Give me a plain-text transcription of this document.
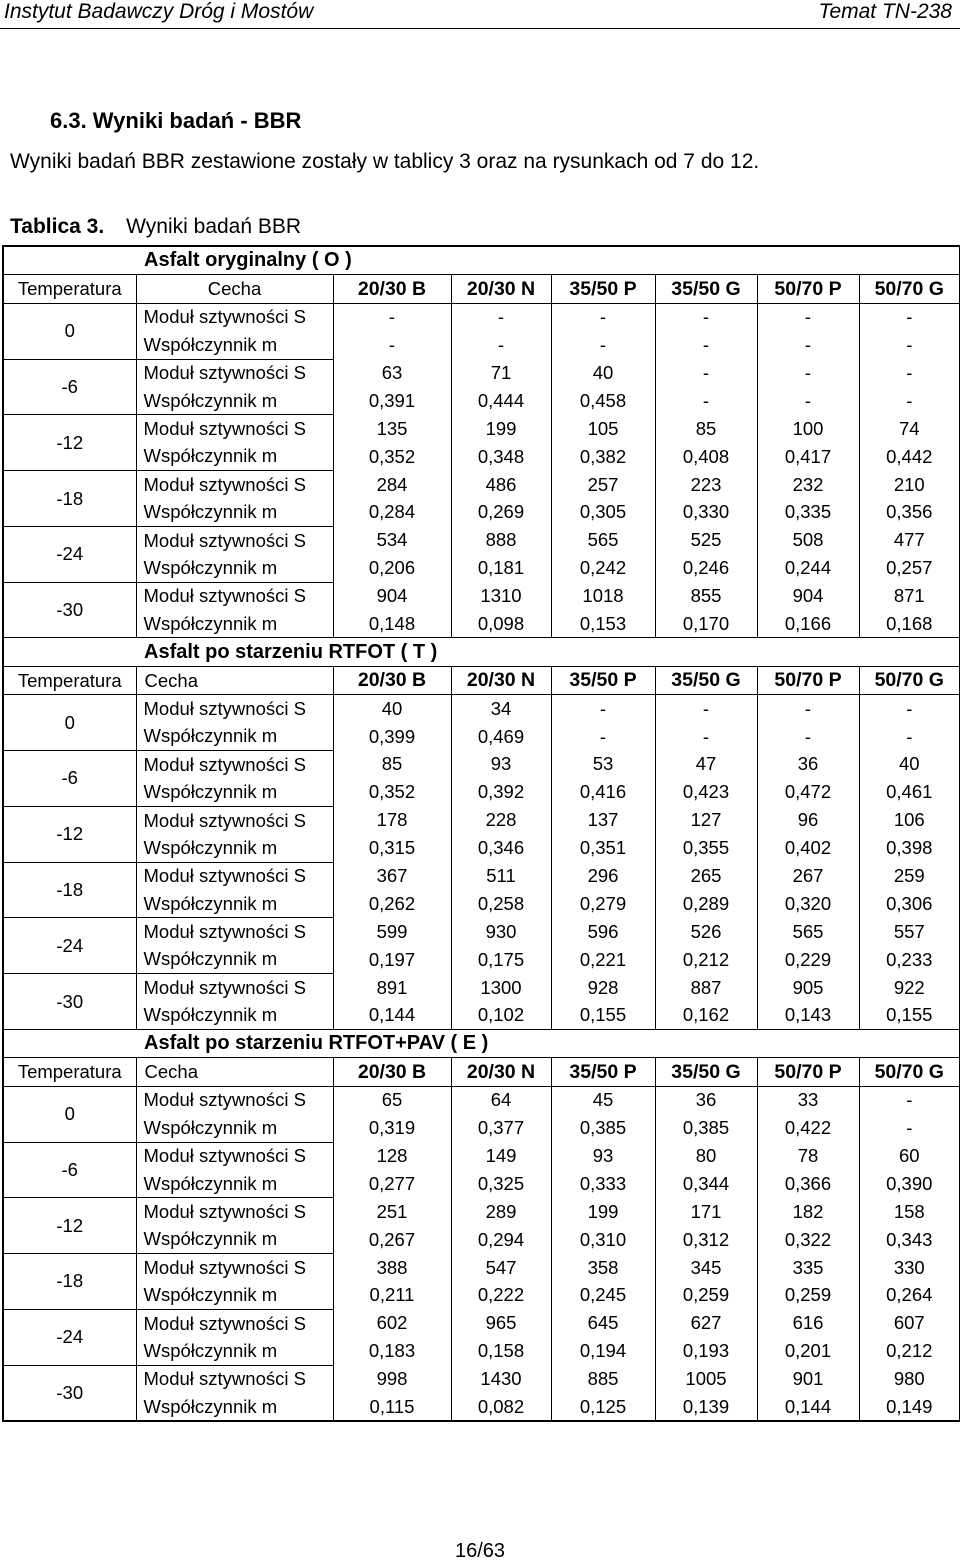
Instytut Badawczy Dróg i Mostów	Temat TN-238
6.3. Wyniki badań - BBR
Wyniki badań BBR zestawione zostały w tablicy 3 oraz na rysunkach od 7 do 12.
Tablica 3. Wyniki badań BBR
Asfalt oryginalny ( O )							
Temperatura	Cecha	20/30 B	20/30 N	35/50 P	35/50 G	50/70 P	50/70 G
0	Moduł sztywności S	-	-	-	-	-	-
	Współczynnik m	-	-	-	-	-	-
-6	Moduł sztywności S	63	71	40	-	-	-
	Współczynnik m	0,391	0,444	0,458	-	-	-
-12	Moduł sztywności S	135	199	105	85	100	74
	Współczynnik m	0,352	0,348	0,382	0,408	0,417	0,442
-18	Moduł sztywności S	284	486	257	223	232	210
	Współczynnik m	0,284	0,269	0,305	0,330	0,335	0,356
-24	Moduł sztywności S	534	888	565	525	508	477
	Współczynnik m	0,206	0,181	0,242	0,246	0,244	0,257
-30	Moduł sztywności S	904	1310	1018	855	904	871
	Współczynnik m	0,148	0,098	0,153	0,170	0,166	0,168
Asfalt po starzeniu RTFOT ( T )							
Temperatura	Cecha	20/30 B	20/30 N	35/50 P	35/50 G	50/70 P	50/70 G
0	Moduł sztywności S	40	34	-	-	-	-
	Współczynnik m	0,399	0,469	-	-	-	-
-6	Moduł sztywności S	85	93	53	47	36	40
	Współczynnik m	0,352	0,392	0,416	0,423	0,472	0,461
-12	Moduł sztywności S	178	228	137	127	96	106
	Współczynnik m	0,315	0,346	0,351	0,355	0,402	0,398
-18	Moduł sztywności S	367	511	296	265	267	259
	Współczynnik m	0,262	0,258	0,279	0,289	0,320	0,306
-24	Moduł sztywności S	599	930	596	526	565	557
	Współczynnik m	0,197	0,175	0,221	0,212	0,229	0,233
-30	Moduł sztywności S	891	1300	928	887	905	922
	Współczynnik m	0,144	0,102	0,155	0,162	0,143	0,155
Asfalt po starzeniu RTFOT+PAV ( E )							
Temperatura	Cecha	20/30 B	20/30 N	35/50 P	35/50 G	50/70 P	50/70 G
0	Moduł sztywności S	65	64	45	36	33	-
	Współczynnik m	0,319	0,377	0,385	0,385	0,422	-
-6	Moduł sztywności S	128	149	93	80	78	60
	Współczynnik m	0,277	0,325	0,333	0,344	0,366	0,390
-12	Moduł sztywności S	251	289	199	171	182	158
	Współczynnik m	0,267	0,294	0,310	0,312	0,322	0,343
-18	Moduł sztywności S	388	547	358	345	335	330
	Współczynnik m	0,211	0,222	0,245	0,259	0,259	0,264
-24	Moduł sztywności S	602	965	645	627	616	607
	Współczynnik m	0,183	0,158	0,194	0,193	0,201	0,212
-30	Moduł sztywności S	998	1430	885	1005	901	980
	Współczynnik m	0,115	0,082	0,125	0,139	0,144	0,149
16/63
